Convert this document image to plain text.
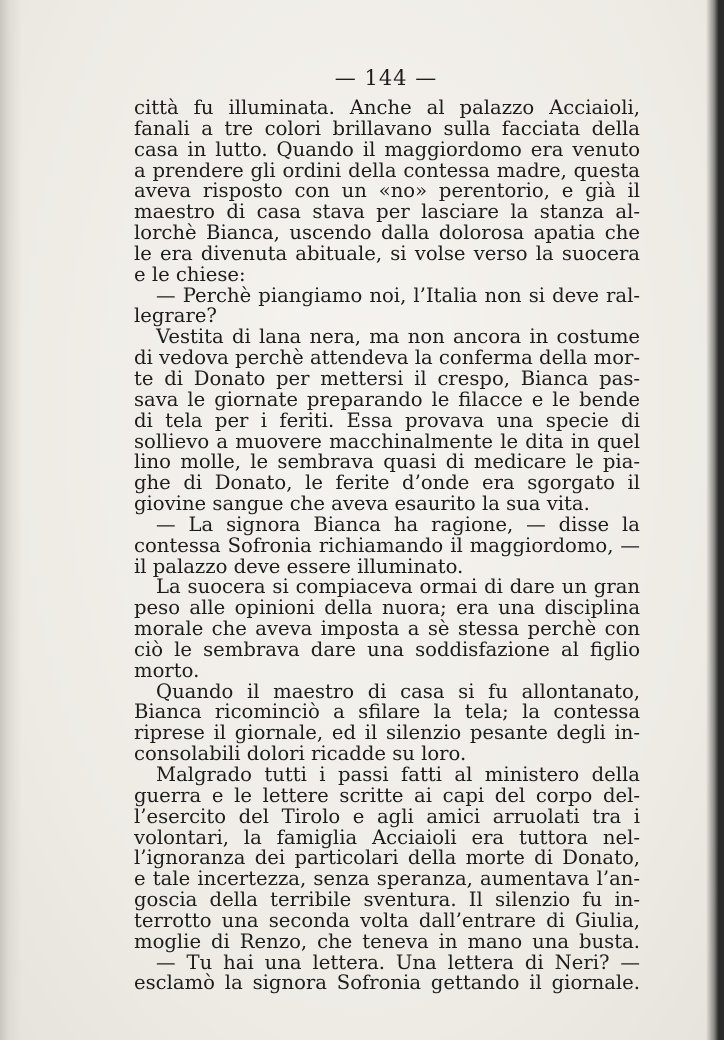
— 144 —
città fu illuminata. Anche al palazzo Acciaioli,
fanali a tre colori brillavano sulla facciata della
casa in lutto. Quando il maggiordomo era venuto
a prendere gli ordini della contessa madre, questa
aveva risposto con un «no» perentorio, e già il
maestro di casa stava per lasciare la stanza al-
lorchè Bianca, uscendo dalla dolorosa apatia che
le era divenuta abituale, si volse verso la suocera
e le chiese:
— Perchè piangiamo noi, l’Italia non si deve ral-
legrare?
Vestita di lana nera, ma non ancora in costume
di vedova perchè attendeva la conferma della mor-
te di Donato per mettersi il crespo, Bianca pas-
sava le giornate preparando le filacce e le bende
di tela per i feriti. Essa provava una specie di
sollievo a muovere macchinalmente le dita in quel
lino molle, le sembrava quasi di medicare le pia-
ghe di Donato, le ferite d’onde era sgorgato il
giovine sangue che aveva esaurito la sua vita.
— La signora Bianca ha ragione, — disse la
contessa Sofronia richiamando il maggiordomo, —
il palazzo deve essere illuminato.
La suocera si compiaceva ormai di dare un gran
peso alle opinioni della nuora; era una disciplina
morale che aveva imposta a sè stessa perchè con
ciò le sembrava dare una soddisfazione al figlio
morto.
Quando il maestro di casa si fu allontanato,
Bianca ricominciò a sfilare la tela; la contessa
riprese il giornale, ed il silenzio pesante degli in-
consolabili dolori ricadde su loro.
Malgrado tutti i passi fatti al ministero della
guerra e le lettere scritte ai capi del corpo del-
l’esercito del Tirolo e agli amici arruolati tra i
volontari, la famiglia Acciaioli era tuttora nel-
l’ignoranza dei particolari della morte di Donato,
e tale incertezza, senza speranza, aumentava l’an-
goscia della terribile sventura. Il silenzio fu in-
terrotto una seconda volta dall’entrare di Giulia,
moglie di Renzo, che teneva in mano una busta.
— Tu hai una lettera. Una lettera di Neri? —
esclamò la signora Sofronia gettando il giornale.
